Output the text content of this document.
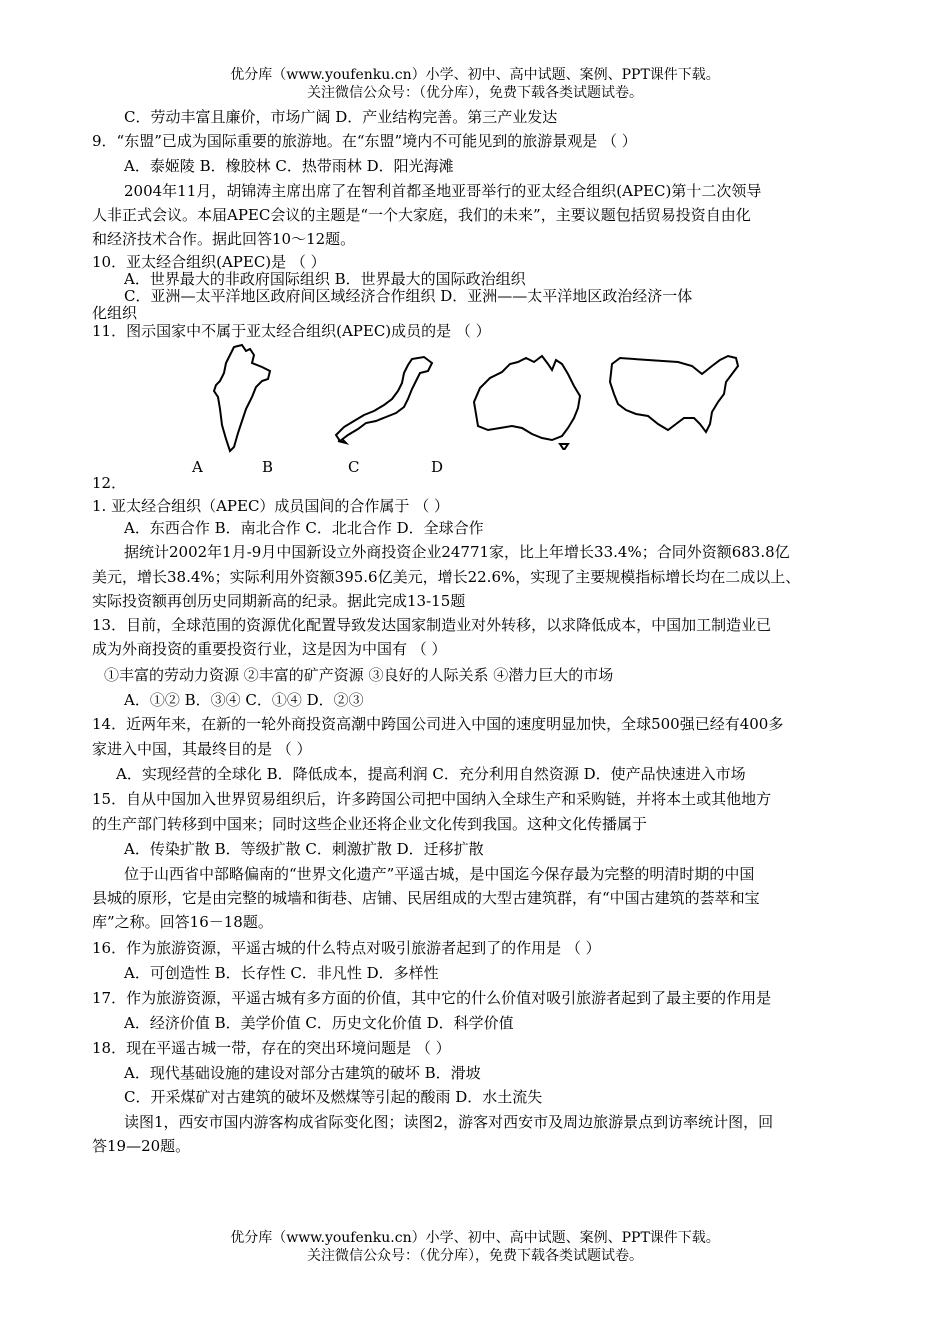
优分库（www.youfenku.cn）小学、初中、高中试题、案例、PPT课件下载。
关注微信公众号：（优分库），免费下载各类试题试卷。
C．劳动丰富且廉价，市场广阔 D．产业结构完善。第三产业发达
9．“东盟”已成为国际重要的旅游地。在“东盟”境内不可能见到的旅游景观是 （ ）
A．泰姬陵 B．橡胶林 C．热带雨林 D．阳光海滩
2004年11月，胡锦涛主席出席了在智利首都圣地亚哥举行的亚太经合组织(APEC)第十二次领导
人非正式会议。本届APEC会议的主题是“一个大家庭，我们的未来”，主要议题包括贸易投资自由化
和经济技术合作。据此回答10～12题。
10．亚太经合组织(APEC)是 （ ）
A．世界最大的非政府国际组织 B．世界最大的国际政治组织
C．亚洲—太平洋地区政府间区域经济合作组织 D．亚洲——太平洋地区政治经济一体
化组织
11．图示国家中不属于亚太经合组织(APEC)成员的是 （ ）
A	B	C	D
12．
1. 亚太经合组织（APEC）成员国间的合作属于 （ ）
A．东西合作 B．南北合作 C．北北合作 D．全球合作
据统计2002年1月-9月中国新设立外商投资企业24771家，比上年增长33.4%；合同外资额683.8亿
美元，增长38.4%；实际利用外资额395.6亿美元，增长22.6%，实现了主要规模指标增长均在二成以上、
实际投资额再创历史同期新高的纪录。据此完成13-15题
13．目前，全球范围的资源优化配置导致发达国家制造业对外转移，以求降低成本，中国加工制造业已
成为外商投资的重要投资行业，这是因为中国有 （ ）
①丰富的劳动力资源 ②丰富的矿产资源 ③良好的人际关系 ④潜力巨大的市场
A．①② B．③④ C．①④ D．②③
14．近两年来，在新的一轮外商投资高潮中跨国公司进入中国的速度明显加快，全球500强已经有400多
家进入中国，其最终目的是 （ ）
A．实现经营的全球化 B．降低成本，提高利润 C．充分利用自然资源 D．使产品快速进入市场
15．自从中国加入世界贸易组织后，许多跨国公司把中国纳入全球生产和采购链，并将本土或其他地方
的生产部门转移到中国来；同时这些企业还将企业文化传到我国。这种文化传播属于
A．传染扩散 B．等级扩散 C．刺激扩散 D．迁移扩散
位于山西省中部略偏南的“世界文化遗产”平遥古城，是中国迄今保存最为完整的明清时期的中国
县城的原形，它是由完整的城墙和街巷、店铺、民居组成的大型古建筑群，有“中国古建筑的荟萃和宝
库”之称。回答16－18题。
16．作为旅游资源，平遥古城的什么特点对吸引旅游者起到了的作用是 （ ）
A．可创造性 B．长存性 C．非凡性 D．多样性
17．作为旅游资源，平遥古城有多方面的价值，其中它的什么价值对吸引旅游者起到了最主要的作用是
A．经济价值 B．美学价值 C．历史文化价值 D．科学价值
18．现在平遥古城一带，存在的突出环境问题是 （ ）
A．现代基础设施的建设对部分古建筑的破坏 B．滑坡
C．开采煤矿对古建筑的破坏及燃煤等引起的酸雨 D．水土流失
读图1，西安市国内游客构成省际变化图；读图2，游客对西安市及周边旅游景点到访率统计图，回
答19—20题。
优分库（www.youfenku.cn）小学、初中、高中试题、案例、PPT课件下载。
关注微信公众号：（优分库），免费下载各类试题试卷。
